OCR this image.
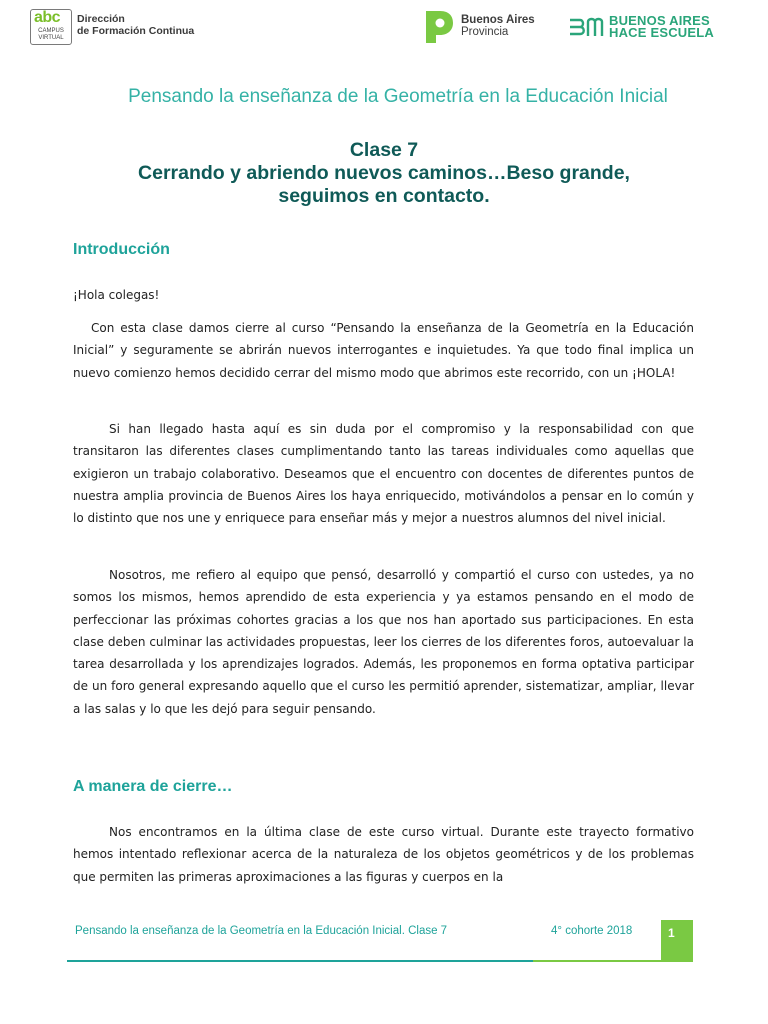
abc
CAMPUS VIRTUAL
Dirección
de Formación Continua
Buenos Aires
Provincia
BUENOS AIRES
HACE ESCUELA
Pensando la enseñanza de la Geometría en la Educación Inicial
Clase 7
Cerrando y abriendo nuevos caminos…Beso grande,
seguimos en contacto.
Introducción
¡Hola colegas!
Con esta clase damos cierre al curso “Pensando la enseñanza de la Geometría en la Educación Inicial” y seguramente se abrirán nuevos interrogantes e inquietudes. Ya que todo final implica un nuevo comienzo hemos decidido cerrar del mismo modo que abrimos este recorrido, con un ¡HOLA!
Si han llegado hasta aquí es sin duda por el compromiso y la responsabilidad con que transitaron las diferentes clases cumplimentando tanto las tareas individuales como aquellas que exigieron un trabajo colaborativo. Deseamos que el encuentro con docentes de diferentes puntos de nuestra amplia provincia de Buenos Aires los haya enriquecido, motivándolos a pensar en lo común y lo distinto que nos une y enriquece para enseñar más y mejor a nuestros alumnos del nivel inicial.
Nosotros, me refiero al equipo que pensó, desarrolló y compartió el curso con ustedes, ya no somos los mismos, hemos aprendido de esta experiencia y ya estamos pensando en el modo de perfeccionar las próximas cohortes gracias a los que nos han aportado sus participaciones. En esta clase deben culminar las actividades propuestas, leer los cierres de los diferentes foros, autoevaluar la tarea desarrollada y los aprendizajes logrados. Además, les proponemos en forma optativa participar de un foro general expresando aquello que el curso les permitió aprender, sistematizar, ampliar, llevar a las salas y lo que les dejó para seguir pensando.
A manera de cierre…
Nos encontramos en la última clase de este curso virtual. Durante este trayecto formativo hemos intentado reflexionar acerca de la naturaleza de los objetos geométricos y de los problemas que permiten las primeras aproximaciones a las figuras y cuerpos en la
Pensando la enseñanza de la Geometría en la Educación Inicial. Clase 7	4° cohorte 2018	1
